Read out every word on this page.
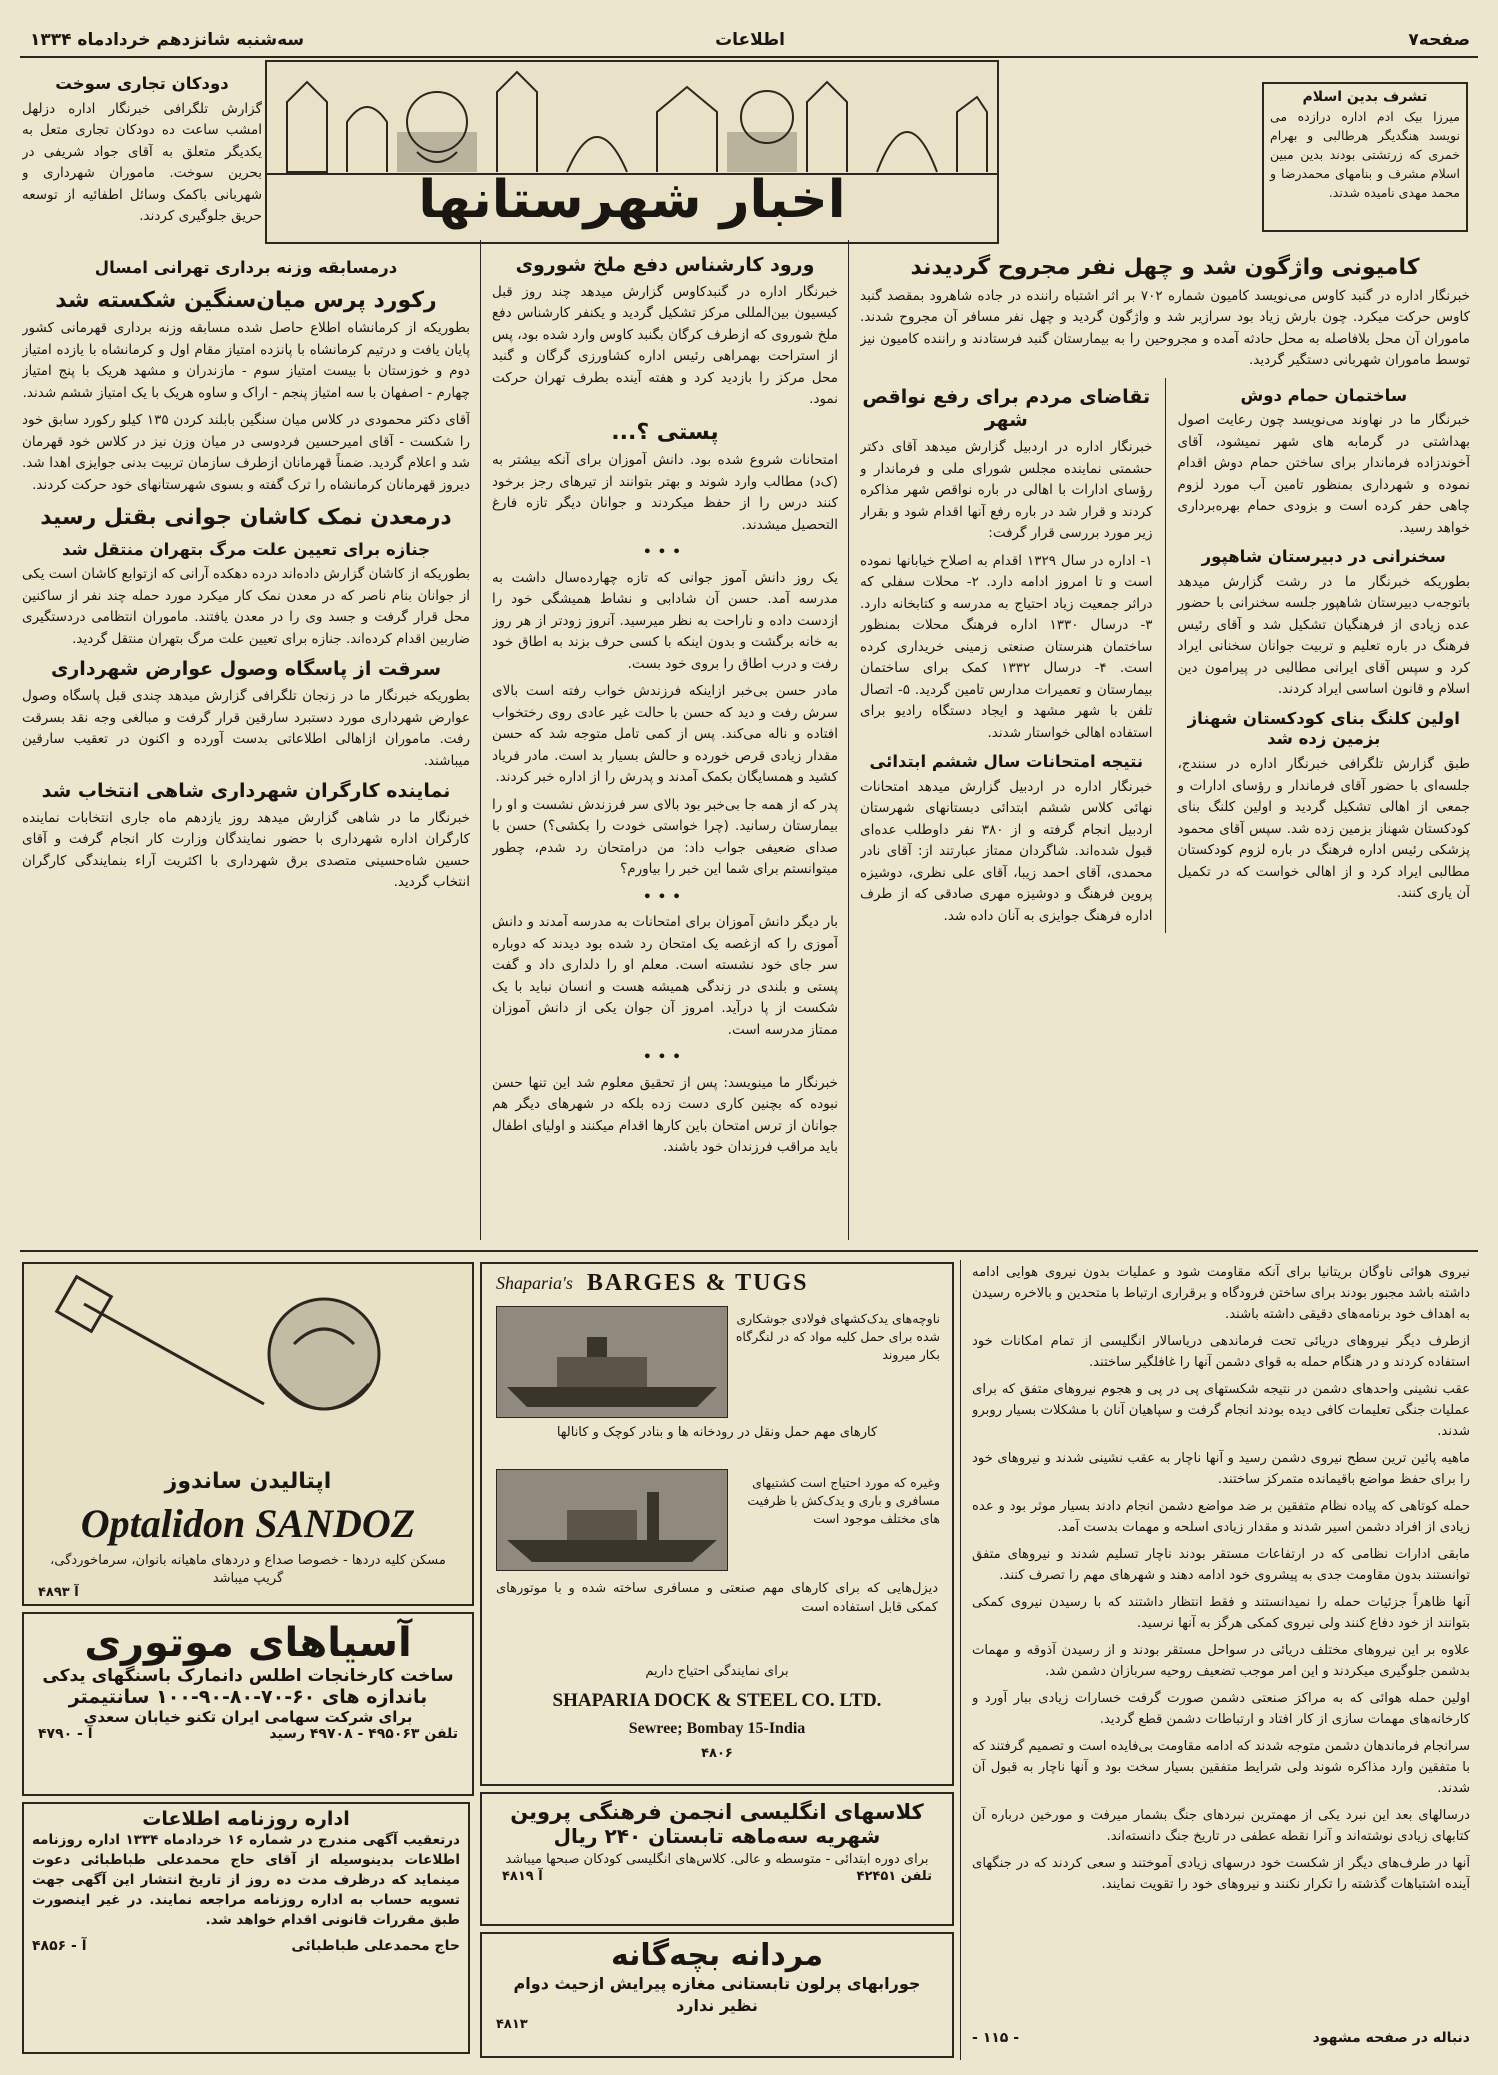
صفحه۷
اطلاعات
سه‌شنبه شانزدهم خردادماه ۱۳۳۴
اخبار شهرستانها
تشرف بدین اسلام
میرزا بیک ادم اداره درازده می نویسد هنگدیگر هرطالبی و بهرام خمری که زرتشتی بودند بدین مبین اسلام مشرف و بنامهای محمدرضا و محمد مهدی نامیده شدند.
دودکان تجاری سوخت

گزارش تلگرافی خبرنگار اداره دزلهل امشب ساعت ده دودکان تجاری متعل به یکدیگر متعلق به آقای جواد شریفی در بحرین سوخت. ماموران شهرداری و شهربانی باکمک وسائل اطفائیه از توسعه حریق جلوگیری کردند.

درمسابقه وزنه برداری تهرانی امسال
رکورد پرس میان‌سنگین شکسته شد

بطوریکه از کرمانشاه اطلاع حاصل شده مسابقه وزنه برداری قهرمانی کشور پایان یافت و درتیم کرمانشاه با پانزده امتیاز مقام اول و کرمانشاه با یازده امتیاز دوم و خوزستان با بیست امتیاز سوم - مازندران و مشهد هریک با پنج امتیاز چهارم - اصفهان با سه امتیاز پنجم - اراک و ساوه هریک با یک امتیاز ششم شدند.

آقای دکتر محمودی در کلاس میان سنگین بابلند کردن ۱۳۵ کیلو رکورد سابق خود را شکست - آقای امیرحسین فردوسی در میان وزن نیز در کلاس خود قهرمان شد و اعلام گردید. ضمناً قهرمانان ازطرف سازمان تربیت بدنی جوایزی اهدا شد. دیروز قهرمانان کرمانشاه را ترک گفته و بسوی شهرستانهای خود حرکت کردند.

درمعدن نمک کاشان جوانی بقتل رسید
جنازه برای تعیین علت مرگ بتهران منتقل شد

بطوریکه از کاشان گزارش داده‌اند درده دهکده آرانی که ازتوابع کاشان است یکی از جوانان بنام ناصر که در معدن نمک کار میکرد مورد حمله چند نفر از ساکنین محل قرار گرفت و جسد وی را در معدن یافتند. ماموران انتظامی دردستگیری ضاربین اقدام کرده‌اند. جنازه برای تعیین علت مرگ بتهران منتقل گردید.

سرقت از پاسگاه وصول عوارض شهرداری

بطوریکه خبرنگار ما در زنجان تلگرافی گزارش میدهد چندی قبل پاسگاه وصول عوارض شهرداری مورد دستبرد سارقین قرار گرفت و مبالغی وجه نقد بسرقت رفت. ماموران ازاهالی اطلاعاتی بدست آورده و اکنون در تعقیب سارقین میباشند.

نماینده کارگران شهرداری شاهی انتخاب شد

خبرنگار ما در شاهی گزارش میدهد روز یازدهم ماه جاری انتخابات نماینده کارگران اداره شهرداری با حضور نمایندگان وزارت کار انجام گرفت و آقای حسین شاه‌حسینی متصدی برق شهرداری با اکثریت آراء بنمایندگی کارگران انتخاب گردید.

ورود کارشناس دفع ملخ شوروی

خبرنگار اداره در گنبدکاوس گزارش میدهد چند روز قبل کیسیون بین‌المللی مرکز تشکیل گردید و یکنفر کارشناس دفع ملخ شوروی که ازطرف کرگان بگنبد کاوس وارد شده بود، پس از استراحت بهمراهی رئیس اداره کشاورزی گرگان و گنبد محل مرکز را بازدید کرد و هفته آینده بطرف تهران حرکت نمود.

پستی ؟...

امتحانات شروع شده بود. دانش آموزان برای آنکه بیشتر به (ک‌د) مطالب وارد شوند و بهتر بتوانند از تیرهای رجز برخود کنند درس را از حفظ میکردند و جوانان دیگر تازه فارغ التحصیل میشدند.

•••

یک روز دانش آموز جوانی که تازه چهارده‌سال داشت به مدرسه آمد. حسن آن شادابی و نشاط همیشگی خود را ازدست داده و ناراحت به نظر میرسید. آنروز زودتر از هر روز به خانه برگشت و بدون اینکه با کسی حرف بزند به اطاق خود رفت و درب اطاق را بروی خود بست.

مادر حسن بی‌خبر ازاینکه فرزندش خواب رفته است بالای سرش رفت و دید که حسن با حالت غیر عادی روی رختخواب افتاده و ناله می‌کند. پس از کمی تامل متوجه شد که حسن مقدار زیادی قرص خورده و حالش بسیار بد است. مادر فریاد کشید و همسایگان بکمک آمدند و پدرش را از اداره خبر کردند.

پدر که از همه جا بی‌خبر بود بالای سر فرزندش نشست و او را بیمارستان رسانید. (چرا خواستی خودت را بکشی؟) حسن با صدای ضعیفی جواب داد: من درامتحان رد شدم، چطور میتوانستم برای شما این خبر را بیاورم؟

•••

بار دیگر دانش آموزان برای امتحانات به مدرسه آمدند و دانش آموزی را که ازغصه یک امتحان رد شده بود دیدند که دوباره سر جای خود نشسته است. معلم او را دلداری داد و گفت پستی و بلندی در زندگی همیشه هست و انسان نباید با یک شکست از پا درآید. امروز آن جوان یکی از دانش آموزان ممتاز مدرسه است.

•••

خبرنگار ما مینویسد: پس از تحقیق معلوم شد این تنها حسن نبوده که بچنین کاری دست زده بلکه در شهرهای دیگر هم جوانان از ترس امتحان باین کارها اقدام میکنند و اولیای اطفال باید مراقب فرزندان خود باشند.

کامیونی واژگون شد و چهل نفر مجروح گردیدند

خبرنگار اداره در گنبد کاوس می‌نویسد کامیون شماره ۷۰۲ بر اثر اشتباه راننده در جاده شاهرود بمقصد گنبد کاوس حرکت میکرد. چون بارش زیاد بود سرازیر شد و واژگون گردید و چهل نفر مسافر آن مجروح شدند. ماموران آن محل بلافاصله به محل حادثه آمده و مجروحین را به بیمارستان گنبد فرستادند و راننده کامیون نیز توسط ماموران شهربانی دستگیر گردید.

تقاضای مردم برای رفع نواقص شهر

خبرنگار اداره در اردبیل گزارش میدهد آقای دکتر حشمتی نماینده مجلس شورای ملی و فرماندار و رؤسای ادارات با اهالی در باره نواقص شهر مذاکره کردند و قرار شد در باره رفع آنها اقدام شود و بقرار زیر مورد بررسی قرار گرفت:

۱- اداره در سال ۱۳۲۹ اقدام به اصلاح خیابانها نموده است و تا امروز ادامه دارد. ۲- محلات سفلی که دراثر جمعیت زیاد احتیاج به مدرسه و کتابخانه دارد. ۳- درسال ۱۳۳۰ اداره فرهنگ محلات بمنظور ساختمان هنرستان صنعتی زمینی خریداری کرده است. ۴- درسال ۱۳۳۲ کمک برای ساختمان بیمارستان و تعمیرات مدارس تامین گردید. ۵- اتصال تلفن با شهر مشهد و ایجاد دستگاه رادیو برای استفاده اهالی خواستار شدند.

نتیجه امتحانات سال ششم ابتدائی

خبرنگار اداره در اردبیل گزارش میدهد امتحانات نهائی کلاس ششم ابتدائی دبستانهای شهرستان اردبیل انجام گرفته و از ۳۸۰ نفر داوطلب عده‌ای قبول شده‌اند. شاگردان ممتاز عبارتند از: آقای نادر محمدی، آقای احمد زیبا، آقای علی نظری، دوشیزه پروین فرهنگ و دوشیزه مهری صادقی که از طرف اداره فرهنگ جوایزی به آنان داده شد.

ساختمان حمام دوش

خبرنگار ما در نهاوند می‌نویسد چون رعایت اصول بهداشتی در گرمابه های شهر نمیشود، آقای آخوندزاده فرماندار برای ساختن حمام دوش اقدام نموده و شهرداری بمنظور تامین آب مورد لزوم چاهی حفر کرده است و بزودی حمام بهره‌برداری خواهد رسید.

سخنرانی در دبیرستان شاهپور

بطوریکه خبرنگار ما در رشت گزارش میدهد باتوجه‌ب دبیرستان شاهپور جلسه سخنرانی با حضور عده زیادی از فرهنگیان تشکیل شد و آقای رئیس فرهنگ در باره تعلیم و تربیت جوانان سخنانی ایراد کرد و سپس آقای ایرانی مطالبی در پیرامون دین اسلام و قانون اساسی ایراد کردند.

اولین کلنگ بنای کودکستان شهناز بزمین زده شد

طبق گزارش تلگرافی خبرنگار اداره در سنندج، جلسه‌ای با حضور آقای فرماندار و رؤسای ادارات و جمعی از اهالی تشکیل گردید و اولین کلنگ بنای کودکستان شهناز بزمین زده شد. سپس آقای محمود پزشکی رئیس اداره فرهنگ در باره لزوم کودکستان مطالبی ایراد کرد و از اهالی خواست که در تکمیل آن یاری کنند.

اپتالیدن ساندوز
Optalidon SANDOZ
مسکن کلیه دردها - خصوصا صداع و دردهای ماهیانه بانوان، سرماخوردگی، گریپ میباشد
آ ۴۸۹۳
آسیاهای موتوری
ساخت کارخانجات اطلس دانمارک باسنگهای یدکی
باندازه های ۶۰-۷۰-۸۰-۹۰-۱۰۰ سانتیمتر
برای شرکت سهامی ایران تکنو خیابان سعدی
آ - ۴۷۹۰	تلفن ۴۹۵۰۶۳ - ۴۹۷۰۸ رسید
اداره روزنامه اطلاعات
درتعقیب آگهی مندرج در شماره ۱۶ خردادماه ۱۳۳۴ اداره روزنامه اطلاعات بدینوسیله از آقای حاج محمدعلی طباطبائی دعوت مینماید که درظرف مدت ده روز از تاریخ انتشار این آگهی جهت تسویه حساب به اداره روزنامه مراجعه نمایند. در غیر اینصورت طبق مقررات قانونی اقدام خواهد شد.
آ - ۴۸۵۶	حاج محمدعلی طباطبائی
Shaparia's BARGES & TUGS
ناوچه‌های یدک‌کشهای فولادی جوشکاری شده برای حمل کلیه مواد که در لنگرگاه بکار میروند
کارهای مهم حمل ونقل در رودخانه ها و بنادر کوچک و کانالها
وغیره که مورد احتیاج است کشتیهای مسافری و باری و یدک‌کش با ظرفیت های مختلف موجود است
دیزل‌هایی که برای کارهای مهم صنعتی و مسافری ساخته شده و با موتورهای کمکی قابل استفاده است
برای نمایندگی احتیاج داریم
SHAPARIA DOCK & STEEL CO. LTD.
Sewree; Bombay 15-India
۴۸۰۶
کلاسهای انگلیسی انجمن فرهنگی پروین
شهریه سه‌ماهه تابستان ۲۴۰ ریال
برای دوره ابتدائی - متوسطه و عالی. کلاس‌های انگلیسی کودکان صبحها میباشد
آ ۴۸۱۹	تلفن ۴۲۴۵۱
مردانه بچه‌گانه
جورابهای پرلون تابستانی مغازه پیرایش ازحیث دوام نظیر ندارد
۴۸۱۳

نیروی هوائی ناوگان بریتانیا برای آنکه مقاومت شود و عملیات بدون نیروی هوایی ادامه داشته باشد مجبور بودند برای ساختن فرودگاه و برقراری ارتباط با متحدین و بالاخره رسیدن به اهداف خود برنامه‌های دقیقی داشته باشند.

ازطرف دیگر نیروهای دریائی تحت فرماندهی دریاسالار انگلیسی از تمام امکانات خود استفاده کردند و در هنگام حمله به قوای دشمن آنها را غافلگیر ساختند.

عقب نشینی واحدهای دشمن در نتیجه شکستهای پی در پی و هجوم نیروهای متفق که برای عملیات جنگی تعلیمات کافی دیده بودند انجام گرفت و سپاهیان آنان با مشکلات بسیار روبرو شدند.

ماهیه پائین ترین سطح نیروی دشمن رسید و آنها ناچار به عقب نشینی شدند و نیروهای خود را برای حفظ مواضع باقیمانده متمرکز ساختند.

حمله کوتاهی که پیاده نظام متفقین بر ضد مواضع دشمن انجام دادند بسیار موثر بود و عده زیادی از افراد دشمن اسیر شدند و مقدار زیادی اسلحه و مهمات بدست آمد.

مابقی ادارات نظامی که در ارتفاعات مستقر بودند ناچار تسلیم شدند و نیروهای متفق توانستند بدون مقاومت جدی به پیشروی خود ادامه دهند و شهرهای مهم را تصرف کنند.

آنها ظاهراً جزئیات حمله را نمیدانستند و فقط انتظار داشتند که با رسیدن نیروی کمکی بتوانند از خود دفاع کنند ولی نیروی کمکی هرگز به آنها نرسید.

علاوه بر این نیروهای مختلف دریائی در سواحل مستقر بودند و از رسیدن آذوقه و مهمات بدشمن جلوگیری میکردند و این امر موجب تضعیف روحیه سربازان دشمن شد.

اولین حمله هوائی که به مراکز صنعتی دشمن صورت گرفت خسارات زیادی ببار آورد و کارخانه‌های مهمات سازی از کار افتاد و ارتباطات دشمن قطع گردید.

سرانجام فرماندهان دشمن متوجه شدند که ادامه مقاومت بی‌فایده است و تصمیم گرفتند که با متفقین وارد مذاکره شوند ولی شرایط متفقین بسیار سخت بود و آنها ناچار به قبول آن شدند.

درسالهای بعد این نبرد یکی از مهمترین نبردهای جنگ بشمار میرفت و مورخین درباره آن کتابهای زیادی نوشته‌اند و آنرا نقطه عطفی در تاریخ جنگ دانسته‌اند.

آنها در طرف‌های دیگر از شکست خود درسهای زیادی آموختند و سعی کردند که در جنگهای آینده اشتباهات گذشته را تکرار نکنند و نیروهای خود را تقویت نمایند.

دنباله در صفحه مشهود
- ۱۱۵ -
